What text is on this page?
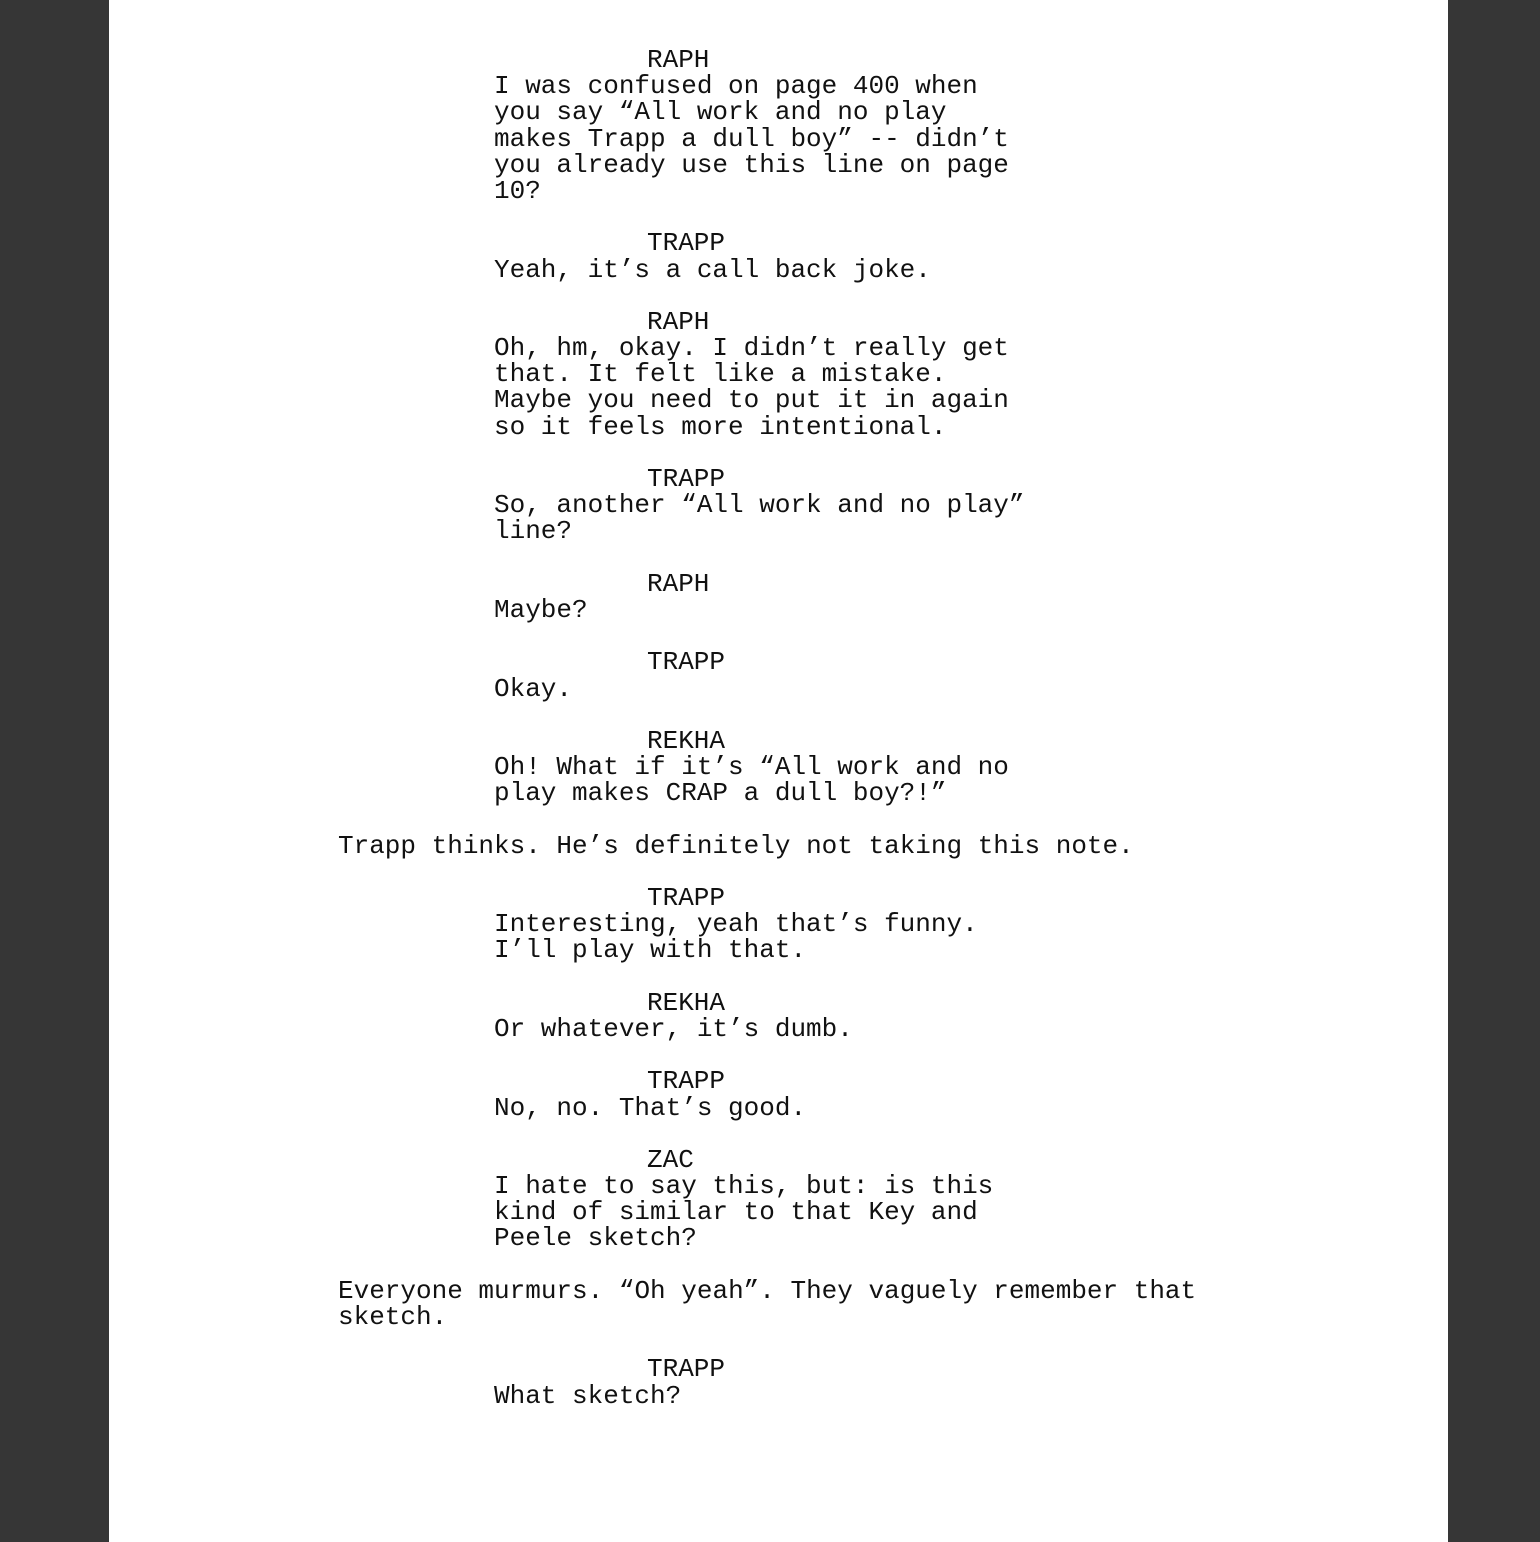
RAPH
I was confused on page 400 when
you say “All work and no play
makes Trapp a dull boy” -- didn’t
you already use this line on page
10?
TRAPP
Yeah, it’s a call back joke.
RAPH
Oh, hm, okay. I didn’t really get
that. It felt like a mistake.
Maybe you need to put it in again
so it feels more intentional.
TRAPP
So, another “All work and no play”
line?
RAPH
Maybe?
TRAPP
Okay.
REKHA
Oh! What if it’s “All work and no
play makes CRAP a dull boy?!”
Trapp thinks. He’s definitely not taking this note.
TRAPP
Interesting, yeah that’s funny.
I’ll play with that.
REKHA
Or whatever, it’s dumb.
TRAPP
No, no. That’s good.
ZAC
I hate to say this, but: is this
kind of similar to that Key and
Peele sketch?
Everyone murmurs. “Oh yeah”. They vaguely remember that
sketch.
TRAPP
What sketch?
